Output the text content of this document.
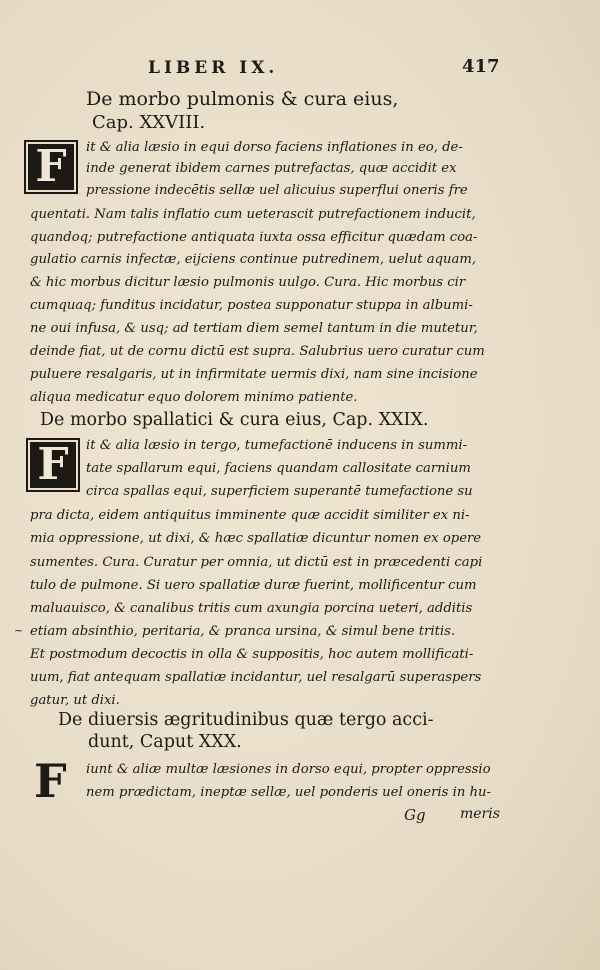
LIBER IX.	417
De morbo pulmonis & cura eius,
Cap. XXVIII.
F	it & alia læsio in equi dorso faciens inflationes in eo, de-
inde generat ibidem carnes putrefactas, quæ accidit ex
pressione indecētis sellæ uel alicuius superflui oneris fre
quentati. Nam talis inflatio cum ueterascit putrefactionem inducit,
quandoq; putrefactione antiquata iuxta ossa efficitur quædam coa-
gulatio carnis infectæ, eijciens continue putredinem, uelut aquam,
& hic morbus dicitur læsio pulmonis uulgo. Cura. Hic morbus cir
cumquaq; funditus incidatur, postea supponatur stuppa in albumi-
ne oui infusa, & usq; ad tertiam diem semel tantum in die mutetur,
deinde fiat, ut de cornu dictū est supra. Salubrius uero curatur cum
puluere resalgaris, ut in infirmitate uermis dixi, nam sine incisione
aliqua medicatur equo dolorem minimo patiente.
De morbo spallatici & cura eius, Cap. XXIX.
F	it & alia læsio in tergo, tumefactionē inducens in summi-
tate spallarum equi, faciens quandam callositate carnium
circa spallas equi, superficiem superantē tumefactione su
pra dicta, eidem antiquitus imminente quæ accidit similiter ex ni-
mia oppressione, ut dixi, & hæc spallatiæ dicuntur nomen ex opere
sumentes. Cura. Curatur per omnia, ut dictū est in præcedenti capi
tulo de pulmone. Si uero spallatiæ duræ fuerint, mollificentur cum
maluauisco, & canalibus tritis cum axungia porcina ueteri, additis
~ etiam absinthio, peritaria, & pranca ursina, & simul bene tritis.
Et postmodum decoctis in olla & suppositis, hoc autem mollificati-
uum, fiat antequam spallatiæ incidantur, uel resalgarū superaspers
gatur, ut dixi.
De diuersis ægritudinibus quæ tergo acci-
dunt, Caput XXX.
F iunt & aliæ multæ læsiones in dorso equi, propter oppressio
nem prædictam, ineptæ sellæ, uel ponderis uel oneris in hu-
Gg meris
